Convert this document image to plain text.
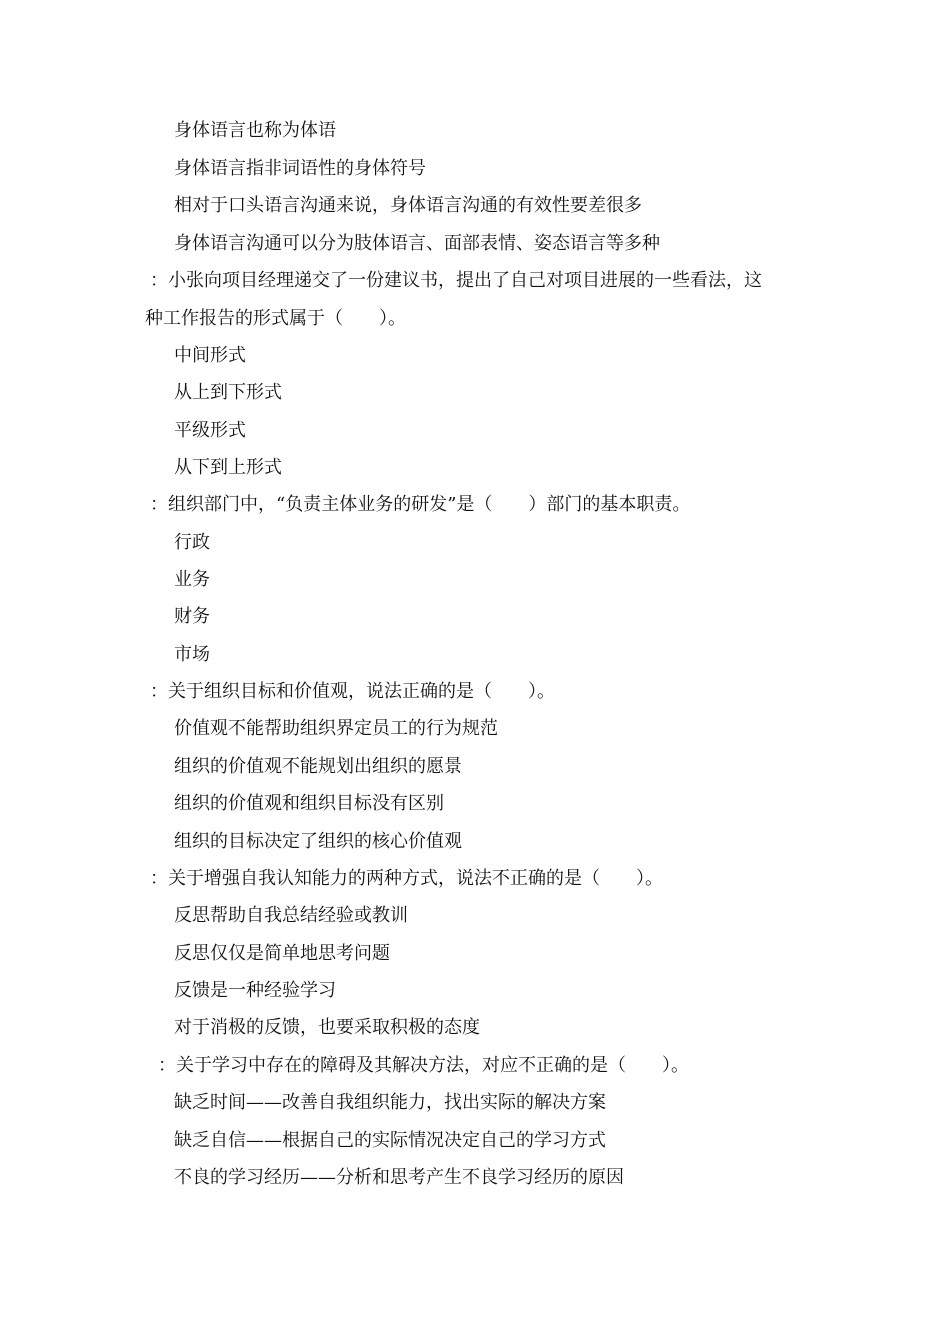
身体语言也称为体语
身体语言指非词语性的身体符号
相对于口头语言沟通来说，身体语言沟通的有效性要差很多
身体语言沟通可以分为肢体语言、面部表情、姿态语言等多种
：小张向项目经理递交了一份建议书，提出了自己对项目进展的一些看法，这
种工作报告的形式属于（　　）。
中间形式
从上到下形式
平级形式
从下到上形式
：组织部门中，“负责主体业务的研发”是（　　）部门的基本职责。
行政
业务
财务
市场
：关于组织目标和价值观，说法正确的是（　　）。
价值观不能帮助组织界定员工的行为规范
组织的价值观不能规划出组织的愿景
组织的价值观和组织目标没有区别
组织的目标决定了组织的核心价值观
：关于增强自我认知能力的两种方式，说法不正确的是（　　）。
反思帮助自我总结经验或教训
反思仅仅是简单地思考问题
反馈是一种经验学习
对于消极的反馈，也要采取积极的态度
：关于学习中存在的障碍及其解决方法，对应不正确的是（　　）。
缺乏时间——改善自我组织能力，找出实际的解决方案
缺乏自信——根据自己的实际情况决定自己的学习方式
不良的学习经历——分析和思考产生不良学习经历的原因
